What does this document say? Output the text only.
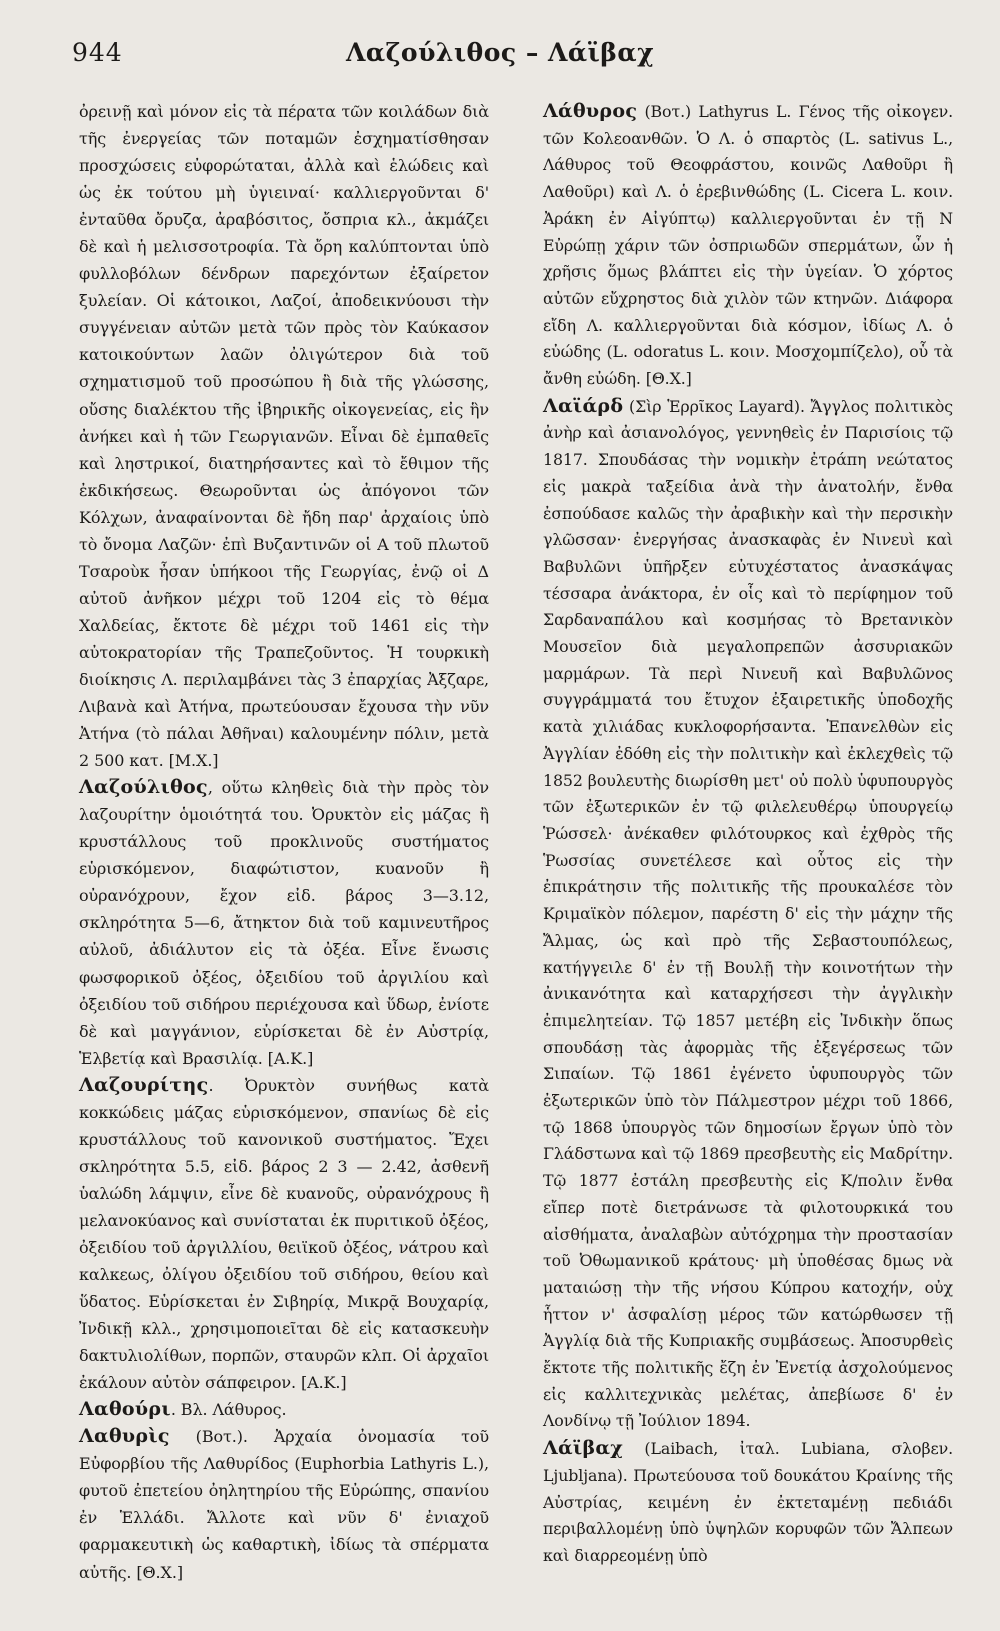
944	Λαζούλιθος – Λάϊβαχ

ὀρεινῇ καὶ μόνον εἰς τὰ πέρατα τῶν κοιλάδων διὰ τῆς ἐνεργείας τῶν ποταμῶν ἐσχηματίσθησαν προσχώσεις εὐφορώταται, ἀλλὰ καὶ ἑλώδεις καὶ ὡς ἐκ τούτου μὴ ὑγιειναί· καλλιεργοῦνται δ' ἐνταῦθα ὄρυζα, ἀραβόσιτος, ὄσπρια κλ., ἀκμάζει δὲ καὶ ἡ μελισσοτροφία. Τὰ ὄρη καλύπτονται ὑπὸ φυλλοβόλων δένδρων παρεχόντων ἐξαίρετον ξυλείαν. Οἱ κάτοικοι, Λαζοί, ἀποδεικνύουσι τὴν συγγένειαν αὐτῶν μετὰ τῶν πρὸς τὸν Καύκασον κατοικούντων λαῶν ὀλιγώτερον διὰ τοῦ σχηματισμοῦ τοῦ προσώπου ἢ διὰ τῆς γλώσσης, οὔσης διαλέκτου τῆς ἰβηρικῆς οἰκογενείας, εἰς ἣν ἀνήκει καὶ ἡ τῶν Γεωργιανῶν. Εἶναι δὲ ἐμπαθεῖς καὶ ληστρικοί, διατηρήσαντες καὶ τὸ ἔθιμον τῆς ἐκδικήσεως. Θεωροῦνται ὡς ἀπόγονοι τῶν Κόλχων, ἀναφαίνονται δὲ ἤδη παρ' ἀρχαίοις ὑπὸ τὸ ὄνομα Λαζῶν· ἐπὶ Βυζαντινῶν οἱ Α τοῦ πλωτοῦ Τσαροὺκ ἦσαν ὑπήκοοι τῆς Γεωργίας, ἐνῷ οἱ Δ αὐτοῦ ἀνῆκον μέχρι τοῦ 1204 εἰς τὸ θέμα Χαλδείας, ἔκτοτε δὲ μέχρι τοῦ 1461 εἰς τὴν αὐτοκρατορίαν τῆς Τραπεζοῦντος. Ἡ τουρκικὴ διοίκησις Λ. περιλαμβάνει τὰς 3 ἐπαρχίας Ἀξζαρε, Λιβανὰ καὶ Ἀτήνα, πρωτεύουσαν ἔχουσα τὴν νῦν Ἀτήνα (τὸ πάλαι Ἀθῆναι) καλουμένην πόλιν, μετὰ 2 500 κατ. [Μ.Χ.]

Λαζούλιθος, οὕτω κληθεὶς διὰ τὴν πρὸς τὸν λαζουρίτην ὁμοιότητά του. Ὀρυκτὸν εἰς μάζας ἢ κρυστάλλους τοῦ προκλινοῦς συστήματος εὑρισκόμενον, διαφώτιστον, κυανοῦν ἢ οὐρανόχρουν, ἔχον εἰδ. βάρος 3—3.12, σκληρότητα 5—6, ἄτηκτον διὰ τοῦ καμινευτῆρος αὐλοῦ, ἀδιάλυτον εἰς τὰ ὀξέα. Εἶνε ἔνωσις φωσφορικοῦ ὀξέος, ὀξειδίου τοῦ ἀργιλίου καὶ ὀξειδίου τοῦ σιδήρου περιέχουσα καὶ ὕδωρ, ἐνίοτε δὲ καὶ μαγγάνιον, εὑρίσκεται δὲ ἐν Αὐστρίᾳ, Ἑλβετίᾳ καὶ Βρασιλίᾳ. [Α.Κ.]

Λαζουρίτης. Ὀρυκτὸν συνήθως κατὰ κοκκώδεις μάζας εὑρισκόμενον, σπανίως δὲ εἰς κρυστάλλους τοῦ κανονικοῦ συστήματος. Ἔχει σκληρότητα 5.5, εἰδ. βάρος 2 3 — 2.42, ἀσθενῆ ὑαλώδη λάμψιν, εἶνε δὲ κυανοῦς, οὐρανόχρους ἢ μελανοκύανος καὶ συνίσταται ἐκ πυριτικοῦ ὀξέος, ὀξειδίου τοῦ ἀργιλλίου, θειϊκοῦ ὀξέος, νάτρου καὶ καλκεως, ὀλίγου ὀξειδίου τοῦ σιδήρου, θείου καὶ ὕδατος. Εὑρίσκεται ἐν Σιβηρίᾳ, Μικρᾷ Βουχαρίᾳ, Ἰνδικῇ κλλ., χρησιμοποιεῖται δὲ εἰς κατασκευὴν δακτυλιολίθων, πορπῶν, σταυρῶν κλπ. Οἱ ἀρχαῖοι ἐκάλουν αὐτὸν σάπφειρον. [Α.Κ.]

Λαθούρι. Βλ. Λάθυρος.

Λαθυρὶς (Βοτ.). Ἀρχαία ὀνομασία τοῦ Εὐφορβίου τῆς Λαθυρίδος (Euphorbia Lathyris L.), φυτοῦ ἐπετείου ὀηλητηρίου τῆς Εὐρώπης, σπανίου ἐν Ἑλλάδι. Ἄλλοτε καὶ νῦν δ' ἐνιαχοῦ φαρμακευτικὴ ὡς καθαρτικὴ, ἰδίως τὰ σπέρματα αὐτῆς. [Θ.Χ.]

Λάθυρος (Βοτ.) Lathyrus L. Γένος τῆς οἰκογεν. τῶν Κολεοανθῶν. Ὁ Λ. ὁ σπαρτὸς (L. sativus L., Λάθυρος τοῦ Θεοφράστου, κοινῶς Λαθοῦρι ἢ Λαθοῦρι) καὶ Λ. ὁ ἐρεβινθώδης (L. Cicera L. κοιν. Ἀράκη ἐν Αἰγύπτῳ) καλλιεργοῦνται ἐν τῇ Ν Εὐρώπῃ χάριν τῶν ὀσπριωδῶν σπερμάτων, ὧν ἡ χρῆσις ὅμως βλάπτει εἰς τὴν ὑγείαν. Ὁ χόρτος αὐτῶν εὔχρηστος διὰ χιλὸν τῶν κτηνῶν. Διάφορα εἴδη Λ. καλλιεργοῦνται διὰ κόσμον, ἰδίως Λ. ὁ εὐώδης (L. odoratus L. κοιν. Μοσχομπίζελο), οὗ τὰ ἄνθη εὐώδη. [Θ.Χ.]

Λαϊάρδ (Σὶρ Ἑρρῖκος Layard). Ἄγγλος πολιτικὸς ἀνὴρ καὶ ἀσιανολόγος, γεννηθεὶς ἐν Παρισίοις τῷ 1817. Σπουδάσας τὴν νομικὴν ἐτράπη νεώτατος εἰς μακρὰ ταξείδια ἀνὰ τὴν ἀνατολήν, ἔνθα ἐσπούδασε καλῶς τὴν ἀραβικὴν καὶ τὴν περσικὴν γλῶσσαν· ἐνεργήσας ἀνασκαφὰς ἐν Νινευὶ καὶ Βαβυλῶνι ὑπῆρξεν εὐτυχέστατος ἀνασκάψας τέσσαρα ἀνάκτορα, ἐν οἷς καὶ τὸ περίφημον τοῦ Σαρδαναπάλου καὶ κοσμήσας τὸ Βρετανικὸν Μουσεῖον διὰ μεγαλοπρεπῶν ἀσσυριακῶν μαρμάρων. Τὰ περὶ Νινευῆ καὶ Βαβυλῶνος συγγράμματά του ἔτυχον ἐξαιρετικῆς ὑποδοχῆς κατὰ χιλιάδας κυκλοφορήσαντα. Ἐπανελθὼν εἰς Ἀγγλίαν ἐδόθη εἰς τὴν πολιτικὴν καὶ ἐκλεχθεὶς τῷ 1852 βουλευτὴς διωρίσθη μετ' οὐ πολὺ ὑφυπουργὸς τῶν ἐξωτερικῶν ἐν τῷ φιλελευθέρῳ ὑπουργείῳ Ῥώσσελ· ἀνέκαθεν φιλότουρκος καὶ ἐχθρὸς τῆς Ῥωσσίας συνετέλεσε καὶ οὗτος εἰς τὴν ἐπικράτησιν τῆς πολιτικῆς τῆς προυκαλέσε τὸν Κριμαϊκὸν πόλεμον, παρέστη δ' εἰς τὴν μάχην τῆς Ἄλμας, ὡς καὶ πρὸ τῆς Σεβαστουπόλεως, κατήγγειλε δ' ἐν τῇ Βουλῇ τὴν κοινοτήτων τὴν ἀνικανότητα καὶ καταρχήσεσι τὴν ἀγγλικὴν ἐπιμελητείαν. Τῷ 1857 μετέβη εἰς Ἰνδικὴν ὅπως σπουδάσῃ τὰς ἀφορμὰς τῆς ἐξεγέρσεως τῶν Σιπαίων. Τῷ 1861 ἐγένετο ὑφυπουργὸς τῶν ἐξωτερικῶν ὑπὸ τὸν Πάλμεστρον μέχρι τοῦ 1866, τῷ 1868 ὑπουργὸς τῶν δημοσίων ἔργων ὑπὸ τὸν Γλάδστωνα καὶ τῷ 1869 πρεσβευτὴς εἰς Μαδρίτην. Τῷ 1877 ἐστάλη πρεσβευτὴς εἰς Κ/πολιν ἔνθα εἴπερ ποτὲ διετράνωσε τὰ φιλοτουρκικά του αἰσθήματα, ἀναλαβὼν αὐτόχρημα τὴν προστασίαν τοῦ Ὀθωμανικοῦ κράτους· μὴ ὑποθέσας δμως νὰ ματαιώσῃ τὴν τῆς νήσου Κύπρου κατοχήν, οὐχ ἧττον ν' ἀσφαλίσῃ μέρος τῶν κατώρθωσεν τῇ Ἀγγλίᾳ διὰ τῆς Κυπριακῆς συμβάσεως. Ἀποσυρθεὶς ἔκτοτε τῆς πολιτικῆς ἔζη ἐν Ἐνετίᾳ ἀσχολούμενος εἰς καλλιτεχνικὰς μελέτας, ἀπεβίωσε δ' ἐν Λονδίνῳ τῇ Ἰούλιον 1894.

Λάϊβαχ (Laibach, ἰταλ. Lubiana, σλοβεν. Ljubljana). Πρωτεύουσα τοῦ δουκάτου Κραίνης τῆς Αὐστρίας, κειμένη ἐν ἐκτεταμένῃ πεδιάδι περιβαλλομένῃ ὑπὸ ὑψηλῶν κορυφῶν τῶν Ἄλπεων καὶ διαρρεομένῃ ὑπὸ
